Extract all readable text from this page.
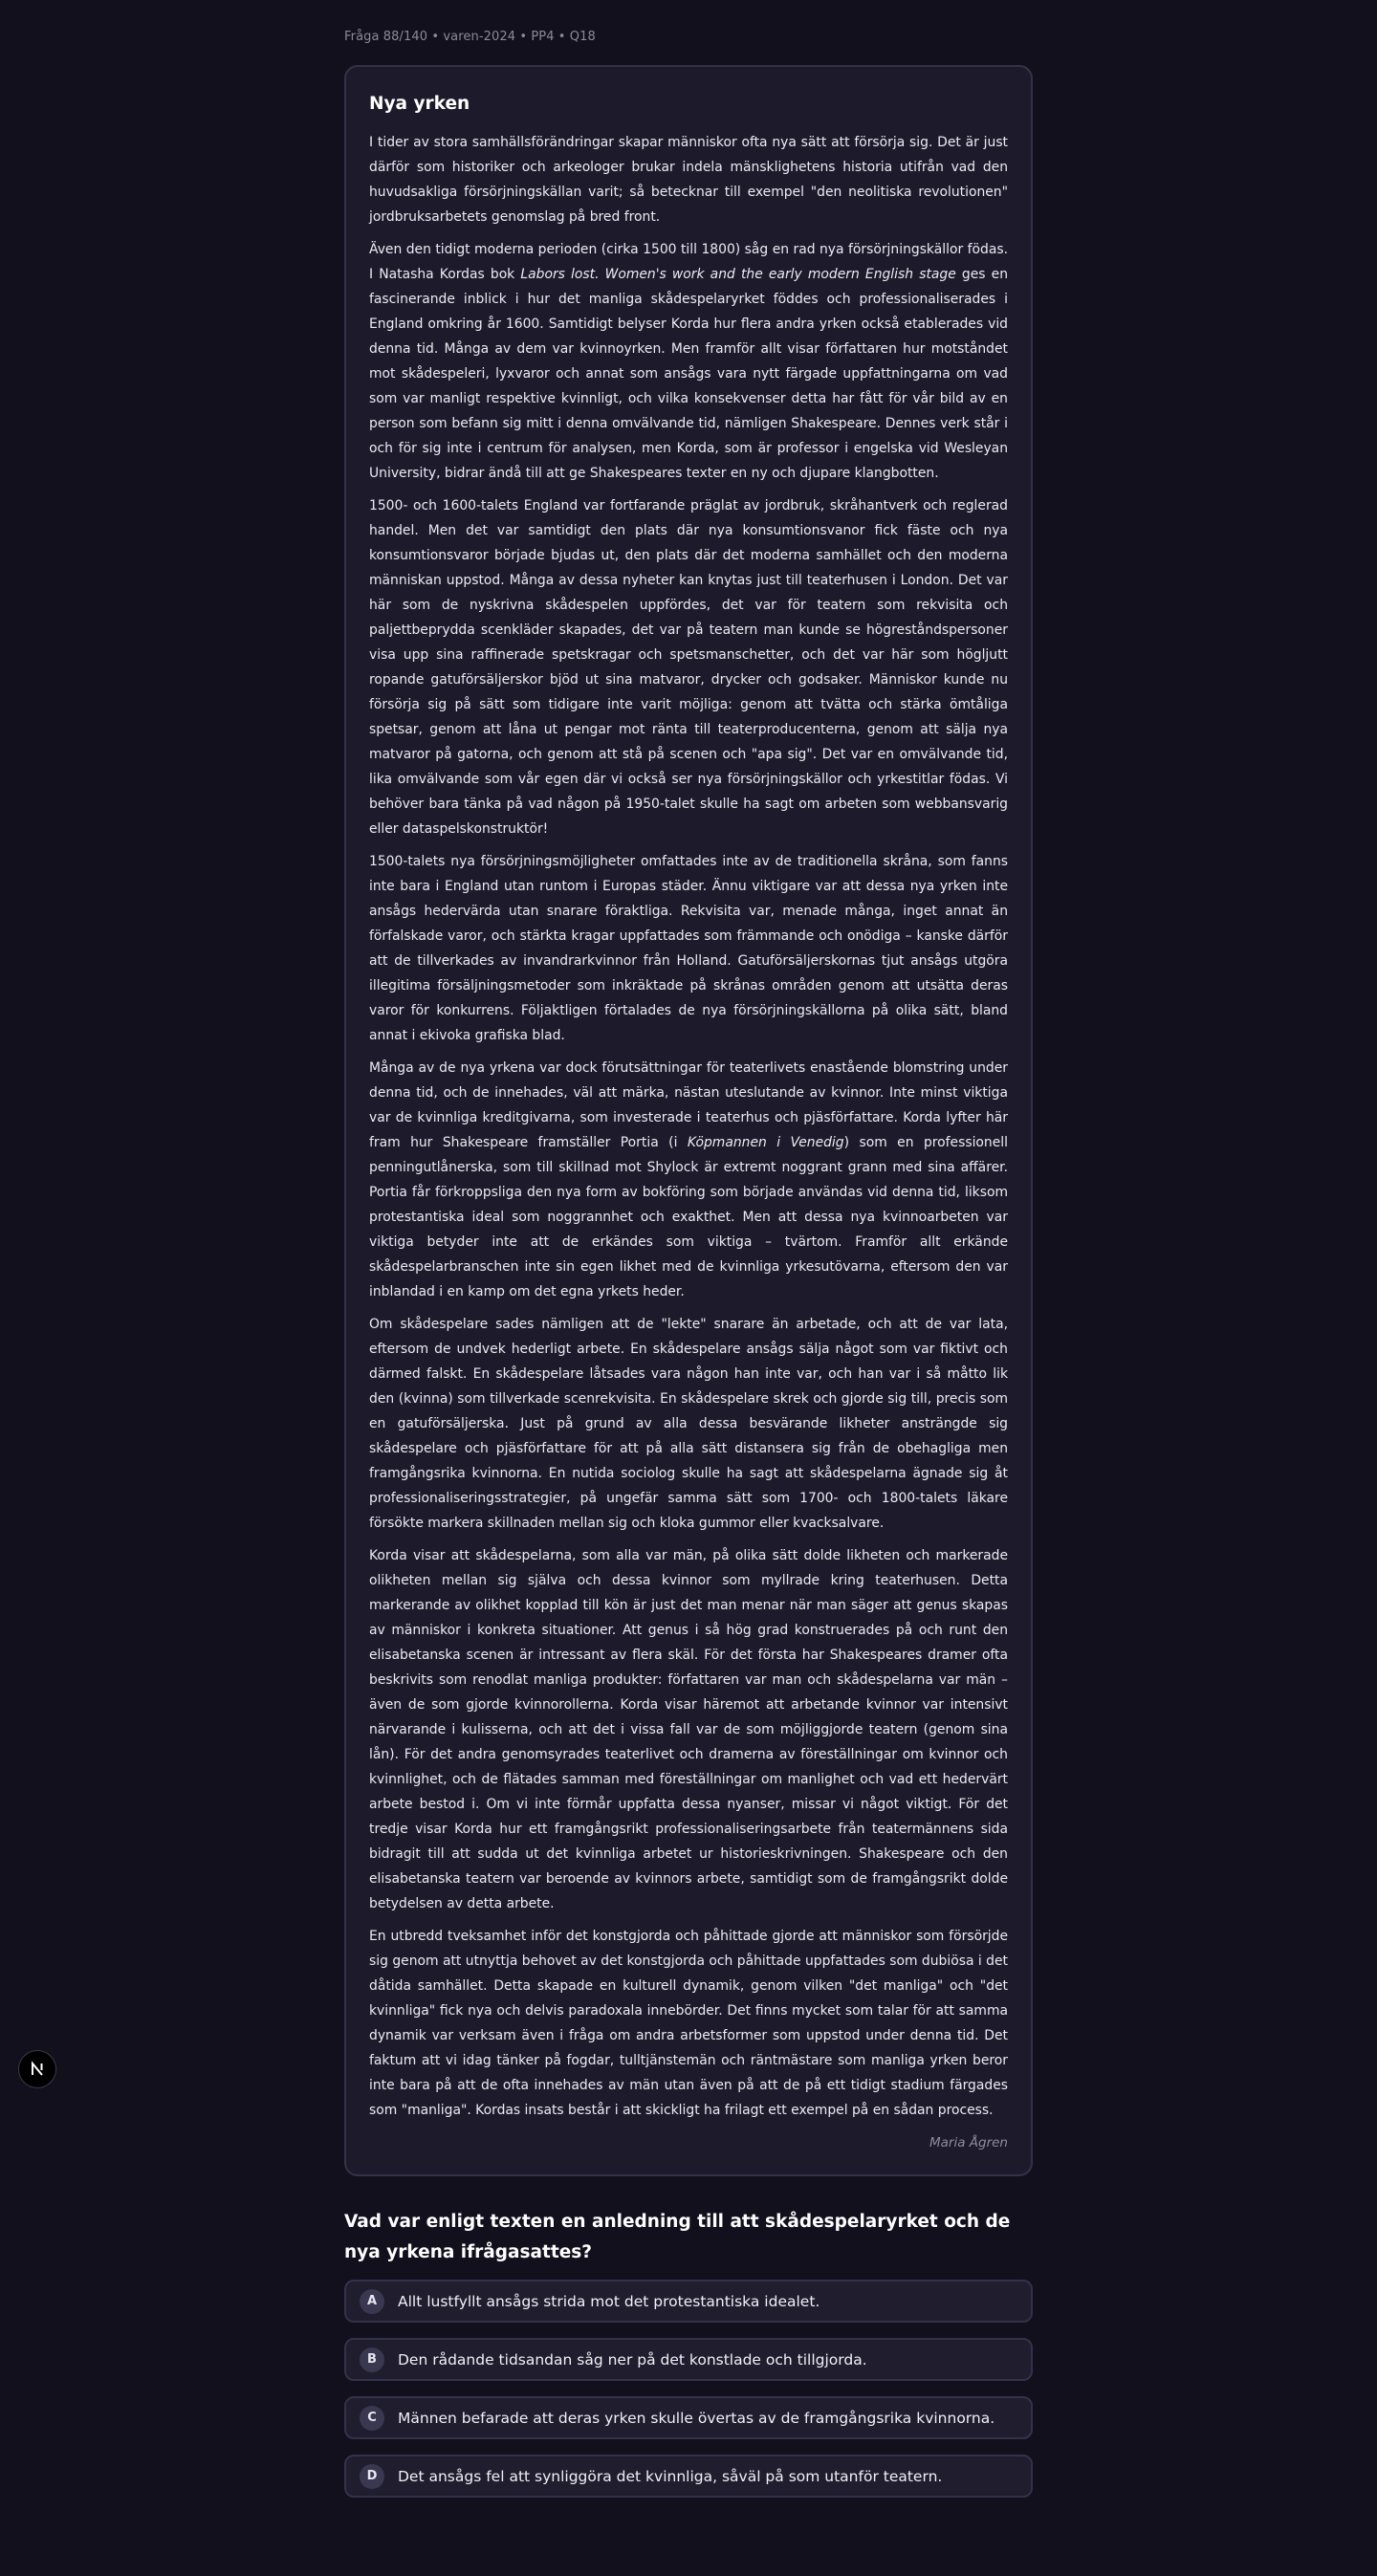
Fråga 88/140 • varen-2024 • PP4 • Q18
Nya yrken

I tider av stora samhällsförändringar skapar människor ofta nya sätt att försörja sig. Det är just därför som historiker och arkeologer brukar indela mänsklighetens historia utifrån vad den huvudsakliga försörjningskällan varit; så betecknar till exempel "den neolitiska revolutionen" jordbruksarbetets genomslag på bred front.

Även den tidigt moderna perioden (cirka 1500 till 1800) såg en rad nya försörjningskällor födas. I Natasha Kordas bok Labors lost. Women's work and the early modern English stage ges en fascinerande inblick i hur det manliga skådespelaryrket föddes och professionaliserades i England omkring år 1600. Samtidigt belyser Korda hur flera andra yrken också etablerades vid denna tid. Många av dem var kvinnoyrken. Men framför allt visar författaren hur motståndet mot skådespeleri, lyxvaror och annat som ansågs vara nytt färgade uppfattningarna om vad som var manligt respektive kvinnligt, och vilka konsekvenser detta har fått för vår bild av en person som befann sig mitt i denna omvälvande tid, nämligen Shakespeare. Dennes verk står i och för sig inte i centrum för analysen, men Korda, som är professor i engelska vid Wesleyan University, bidrar ändå till att ge Shakespeares texter en ny och djupare klangbotten.

1500- och 1600-talets England var fortfarande präglat av jordbruk, skråhantverk och reglerad handel. Men det var samtidigt den plats där nya konsumtionsvanor fick fäste och nya konsumtionsvaror började bjudas ut, den plats där det moderna samhället och den moderna människan uppstod. Många av dessa nyheter kan knytas just till teaterhusen i London. Det var här som de nyskrivna skådespelen uppfördes, det var för teatern som rekvisita och paljettbeprydda scenkläder skapades, det var på teatern man kunde se högreståndspersoner visa upp sina raffinerade spetskragar och spetsmanschetter, och det var här som högljutt ropande gatuförsäljerskor bjöd ut sina matvaror, drycker och godsaker. Människor kunde nu försörja sig på sätt som tidigare inte varit möjliga: genom att tvätta och stärka ömtåliga spetsar, genom att låna ut pengar mot ränta till teaterproducenterna, genom att sälja nya matvaror på gatorna, och genom att stå på scenen och "apa sig". Det var en omvälvande tid, lika omvälvande som vår egen där vi också ser nya försörjningskällor och yrkestitlar födas. Vi behöver bara tänka på vad någon på 1950-talet skulle ha sagt om arbeten som webbansvarig eller dataspelskonstruktör!

1500-talets nya försörjningsmöjligheter omfattades inte av de traditionella skråna, som fanns inte bara i England utan runtom i Europas städer. Ännu viktigare var att dessa nya yrken inte ansågs hedervärda utan snarare föraktliga. Rekvisita var, menade många, inget annat än förfalskade varor, och stärkta kragar uppfattades som främmande och onödiga – kanske därför att de tillverkades av invandrarkvinnor från Holland. Gatuförsäljerskornas tjut ansågs utgöra illegitima försäljningsmetoder som inkräktade på skrånas områden genom att utsätta deras varor för konkurrens. Följaktligen förtalades de nya försörjningskällorna på olika sätt, bland annat i ekivoka grafiska blad.

Många av de nya yrkena var dock förutsättningar för teaterlivets enastående blomstring under denna tid, och de innehades, väl att märka, nästan uteslutande av kvinnor. Inte minst viktiga var de kvinnliga kreditgivarna, som investerade i teaterhus och pjäsförfattare. Korda lyfter här fram hur Shakespeare framställer Portia (i Köpmannen i Venedig) som en professionell penningutlånerska, som till skillnad mot Shylock är extremt noggrant grann med sina affärer. Portia får förkroppsliga den nya form av bokföring som började användas vid denna tid, liksom protestantiska ideal som noggrannhet och exakthet. Men att dessa nya kvinnoarbeten var viktiga betyder inte att de erkändes som viktiga – tvärtom. Framför allt erkände skådespelarbranschen inte sin egen likhet med de kvinnliga yrkesutövarna, eftersom den var inblandad i en kamp om det egna yrkets heder.

Om skådespelare sades nämligen att de "lekte" snarare än arbetade, och att de var lata, eftersom de undvek hederligt arbete. En skådespelare ansågs sälja något som var fiktivt och därmed falskt. En skådespelare låtsades vara någon han inte var, och han var i så måtto lik den (kvinna) som tillverkade scenrekvisita. En skådespelare skrek och gjorde sig till, precis som en gatuförsäljerska. Just på grund av alla dessa besvärande likheter ansträngde sig skådespelare och pjäsförfattare för att på alla sätt distansera sig från de obehagliga men framgångsrika kvinnorna. En nutida sociolog skulle ha sagt att skådespelarna ägnade sig åt professionaliseringsstrategier, på ungefär samma sätt som 1700- och 1800-talets läkare försökte markera skillnaden mellan sig och kloka gummor eller kvacksalvare.

Korda visar att skådespelarna, som alla var män, på olika sätt dolde likheten och markerade olikheten mellan sig själva och dessa kvinnor som myllrade kring teaterhusen. Detta markerande av olikhet kopplad till kön är just det man menar när man säger att genus skapas av människor i konkreta situationer. Att genus i så hög grad konstruerades på och runt den elisabetanska scenen är intressant av flera skäl. För det första har Shakespeares dramer ofta beskrivits som renodlat manliga produkter: författaren var man och skådespelarna var män – även de som gjorde kvinnorollerna. Korda visar häremot att arbetande kvinnor var intensivt närvarande i kulisserna, och att det i vissa fall var de som möjliggjorde teatern (genom sina lån). För det andra genomsyrades teaterlivet och dramerna av föreställningar om kvinnor och kvinnlighet, och de flätades samman med föreställningar om manlighet och vad ett hedervärt arbete bestod i. Om vi inte förmår uppfatta dessa nyanser, missar vi något viktigt. För det tredje visar Korda hur ett framgångsrikt professionaliseringsarbete från teatermännens sida bidragit till att sudda ut det kvinnliga arbetet ur historieskrivningen. Shakespeare och den elisabetanska teatern var beroende av kvinnors arbete, samtidigt som de framgångsrikt dolde betydelsen av detta arbete.

En utbredd tveksamhet inför det konstgjorda och påhittade gjorde att människor som försörjde sig genom att utnyttja behovet av det konstgjorda och påhittade uppfattades som dubiösa i det dåtida samhället. Detta skapade en kulturell dynamik, genom vilken "det manliga" och "det kvinnliga" fick nya och delvis paradoxala innebörder. Det finns mycket som talar för att samma dynamik var verksam även i fråga om andra arbetsformer som uppstod under denna tid. Det faktum att vi idag tänker på fogdar, tulltjänstemän och räntmästare som manliga yrken beror inte bara på att de ofta innehades av män utan även på att de på ett tidigt stadium färgades som "manliga". Kordas insats består i att skickligt ha frilagt ett exempel på en sådan process.

Maria Ågren
Vad var enligt texten en anledning till att skådespelaryrket och de nya yrkena ifrågasattes?
A	Allt lustfyllt ansågs strida mot det protestantiska idealet.
B	Den rådande tidsandan såg ner på det konstlade och tillgjorda.
C	Männen befarade att deras yrken skulle övertas av de framgångsrika kvinnorna.
D	Det ansågs fel att synliggöra det kvinnliga, såväl på som utanför teatern.
